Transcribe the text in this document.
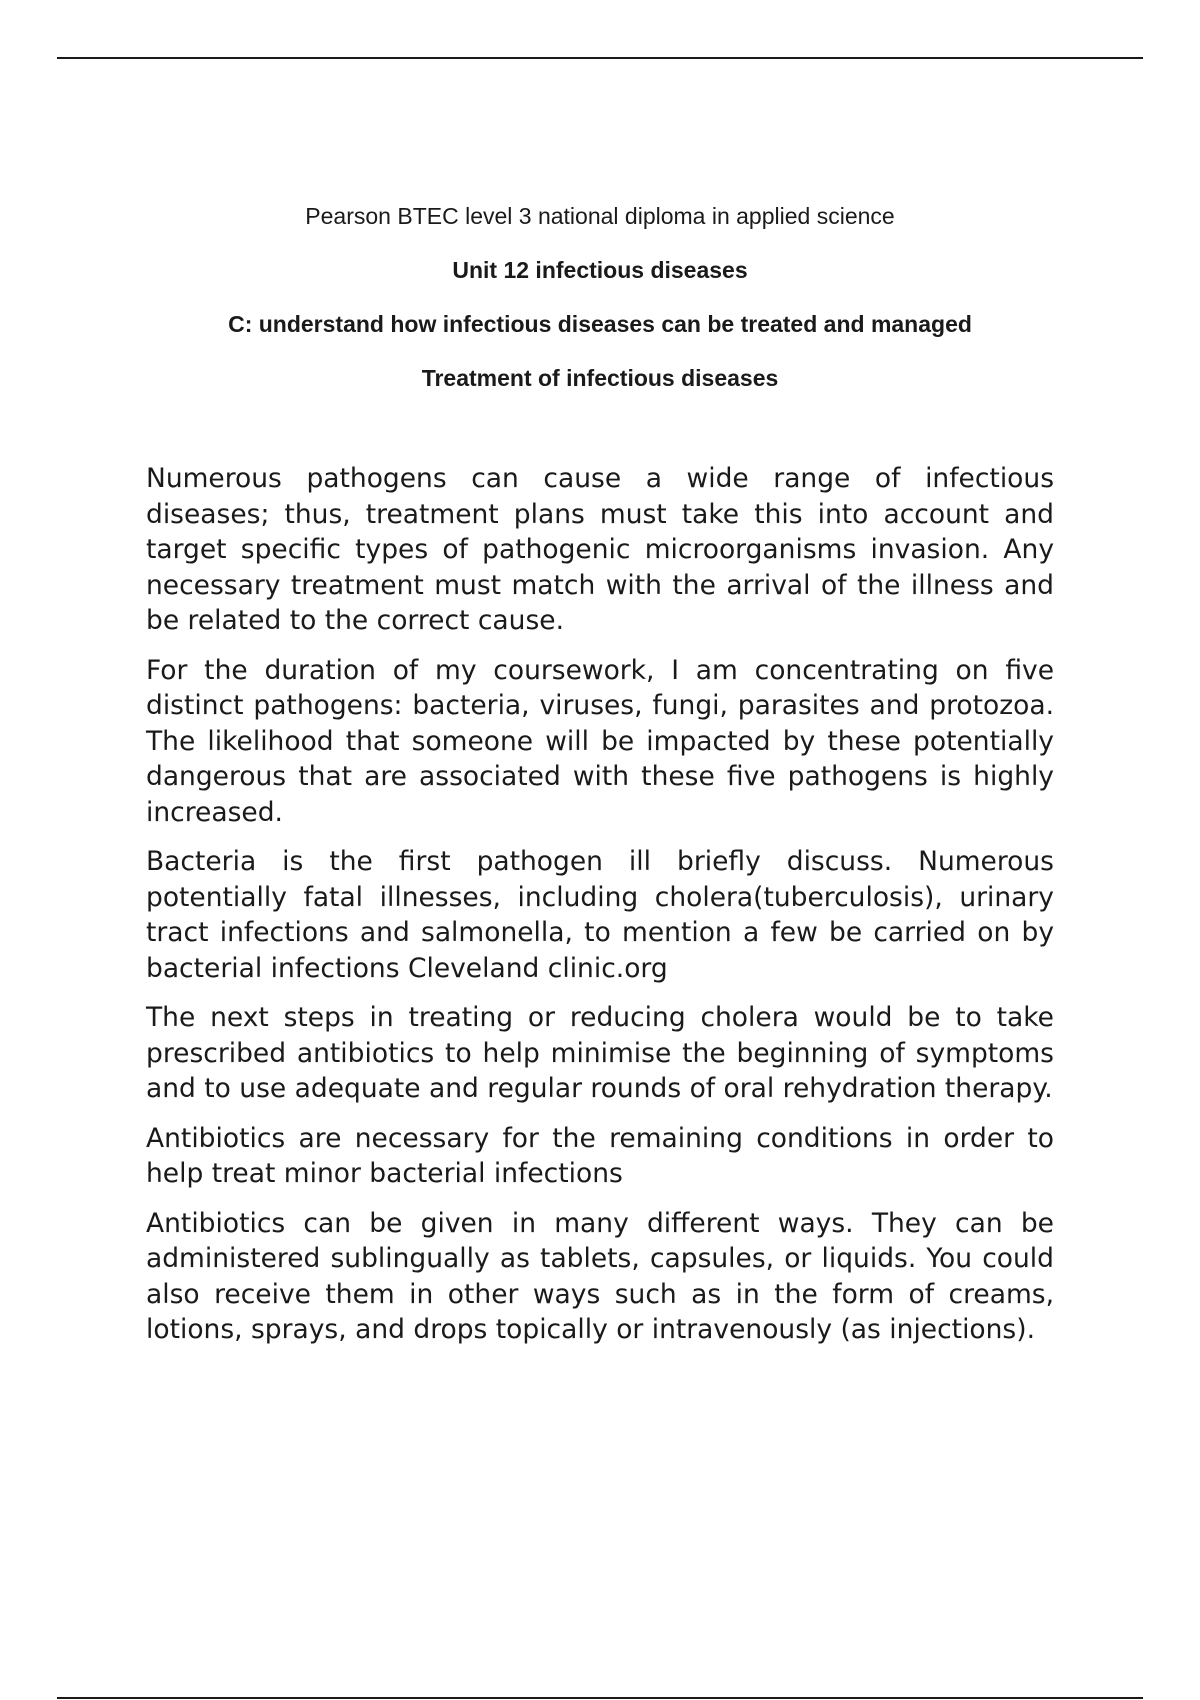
Pearson BTEC level 3 national diploma in applied science

Unit 12 infectious diseases

C: understand how infectious diseases can be treated and managed

Treatment of infectious diseases

Numerous pathogens can cause a wide range of infectious diseases; thus, treatment plans must take this into account and target specific types of pathogenic microorganisms invasion. Any necessary treatment must match with the arrival of the illness and be related to the correct cause.

For the duration of my coursework, I am concentrating on five distinct pathogens: bacteria, viruses, fungi, parasites and protozoa. The likelihood that someone will be impacted by these potentially dangerous that are associated with these five pathogens is highly increased.

Bacteria is the first pathogen ill briefly discuss. Numerous potentially fatal illnesses, including cholera(tuberculosis), urinary tract infections and salmonella, to mention a few be carried on by bacterial infections Cleveland clinic.org

The next steps in treating or reducing cholera would be to take prescribed antibiotics to help minimise the beginning of symptoms and to use adequate and regular rounds of oral rehydration therapy.

Antibiotics are necessary for the remaining conditions in order to help treat minor bacterial infections

Antibiotics can be given in many different ways. They can be administered sublingually as tablets, capsules, or liquids. You could also receive them in other ways such as in the form of creams, lotions, sprays, and drops topically or intravenously (as injections).
